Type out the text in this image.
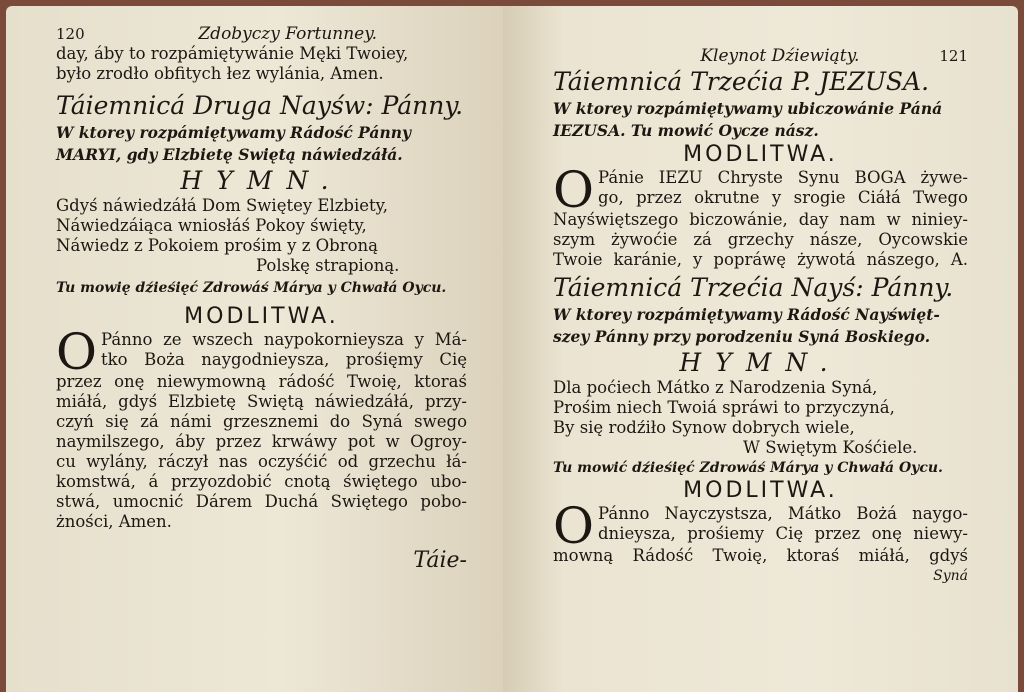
120	Zdobyczy Fortunney.
day, áby to rozpámiętywánie Męki Twoiey,
było zrodło obfitych łez wylánia, Amen.
Táiemnicá Druga Nayśw: Pánny.
W ktorey rozpámiętywamy Rádość Pánny
MARYI, gdy Elzbietę Swiętą náwiedzáłá.
HYMN.
Gdyś náwiedzáłá Dom Swiętey Elzbiety,
Náwiedzáiąca wniosłáś Pokoy święty,
Náwiedz z Pokoiem prośim y z Obroną
Polskę strapioną.
Tu mowię dźieśięć Zdrowáś Márya y Chwałá Oycu.
MODLITWA.
O Pánno ze wszech naypokornieysza y Má-
tko Boża naygodnieysza, prośięmy Cię
przez onę niewymowną rádość Twoię, ktoraś
miáłá, gdyś Elzbietę Swiętą náwiedzáłá, przy-
czyń się zá námi grzesznemi do Syná swego
naymilszego, áby przez krwáwy pot w Ogroy-
cu wylány, ráczył nas oczyśćić od grzechu łá-
komstwá, á przyozdobić cnotą świętego ubo-
stwá, umocnić Dárem Duchá Swiętego pobo-
żności, Amen.
Táie-
Kleynot Dźiewiąty.	121
Táiemnicá Trzećia P. JEZUSA.
W ktorey rozpámiętywamy ubiczowánie Páná
IEZUSA. Tu mowić Oycze nász.
MODLITWA.
O Pánie IEZU Chryste Synu BOGA żywe-
go, przez okrutne y srogie Ciáłá Twego
Nayświętszego biczowánie, day nam w niniey-
szym żywoćie zá grzechy násze, Oycowskie
Twoie karánie, y popráwę żywotá nászego, A.
Táiemnicá Trzećia Nayś: Pánny.
W ktorey rozpámiętywamy Rádość Nayświęt-
szey Pánny przy porodzeniu Syná Boskiego.
HYMN.
Dla poćiech Mátko z Narodzenia Syná,
Prośim niech Twoiá spráwi to przyczyná,
By się rodźiło Synow dobrych wiele,
W Swiętym Kośćiele.
Tu mowić dźieśięć Zdrowáś Márya y Chwałá Oycu.
MODLITWA.
O Pánno Nayczystsza, Mátko Bożá naygo-
dnieysza, prośiemy Cię przez onę niewy-
mowną Rádość Twoię, ktoraś miáłá, gdyś
Syná
